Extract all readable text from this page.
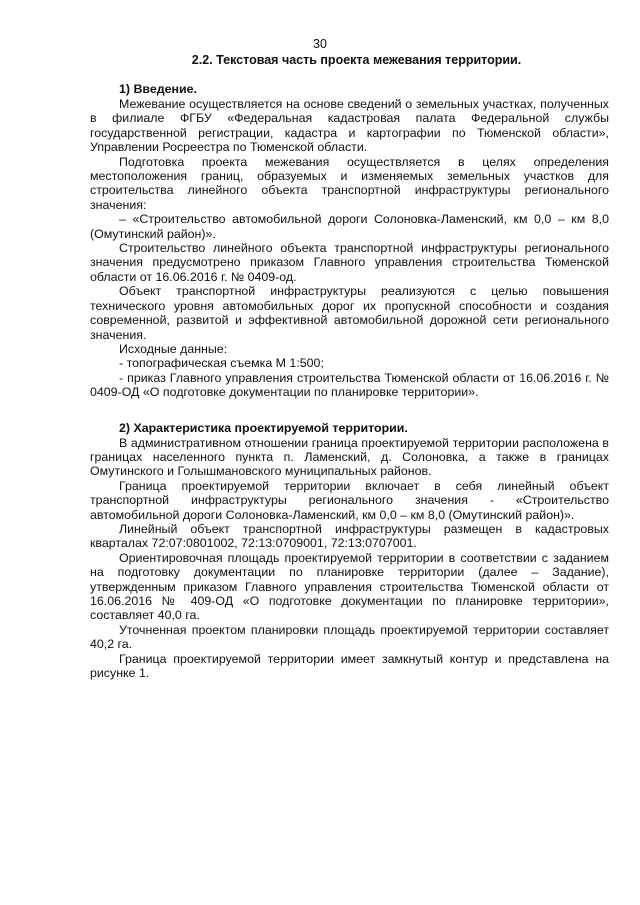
30
2.2. Текстовая часть проекта межевания территории.
1) Введение.

Межевание осуществляется на основе сведений о земельных участках, полученных в филиале ФГБУ «Федеральная кадастровая палата Федеральной службы государственной регистрации, кадастра и картографии по Тюменской области», Управлении Росреестра по Тюменской области.

Подготовка проекта межевания осуществляется в целях определения местоположения границ, образуемых и изменяемых земельных участков для строительства линейного объекта транспортной инфраструктуры регионального значения:

– «Строительство автомобильной дороги Солоновка-Ламенский, км 0,0 – км 8,0 (Омутинский район)».

Строительство линейного объекта транспортной инфраструктуры регионального значения предусмотрено приказом Главного управления строительства Тюменской области от 16.06.2016 г. № 0409-од.

Объект транспортной инфраструктуры реализуются с целью повышения технического уровня автомобильных дорог их пропускной способности и создания современной, развитой и эффективной автомобильной дорожной сети регионального значения.

Исходные данные:

- топографическая съемка М 1:500;

- приказ Главного управления строительства Тюменской области от 16.06.2016 г. № 0409-ОД «О подготовке документации по планировке территории».

2) Характеристика проектируемой территории.

В административном отношении граница проектируемой территории расположена в границах населенного пункта п. Ламенский, д. Солоновка, а также в границах Омутинского и Голышмановского муниципальных районов.

Граница проектируемой территории включает в себя линейный объект транспортной инфраструктуры регионального значения - «Строительство автомобильной дороги Солоновка-Ламенский, км 0,0 – км 8,0 (Омутинский район)».

Линейный объект транспортной инфраструктуры размещен в кадастровых кварталах 72:07:0801002, 72:13:0709001, 72:13:0707001.

Ориентировочная площадь проектируемой территории в соответствии с заданием на подготовку документации по планировке территории (далее – Задание), утвержденным приказом Главного управления строительства Тюменской области от 16.06.2016 № 409-ОД «О подготовке документации по планировке территории», составляет 40,0 га.

Уточненная проектом планировки площадь проектируемой территории составляет 40,2 га.

Граница проектируемой территории имеет замкнутый контур и представлена на рисунке 1.
